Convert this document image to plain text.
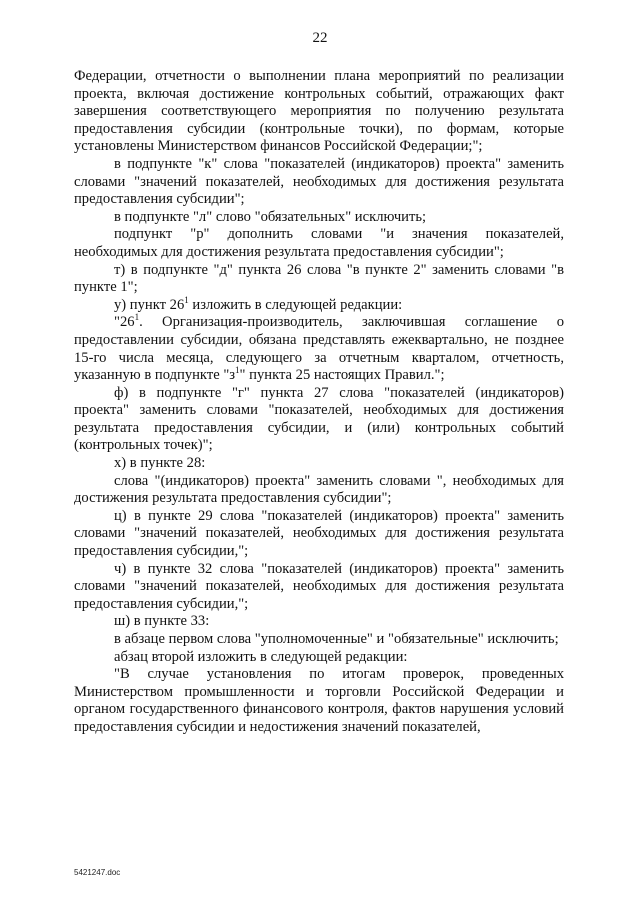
22

Федерации, отчетности о выполнении плана мероприятий по реализации проекта, включая достижение контрольных событий, отражающих факт завершения соответствующего мероприятия по получению результата предоставления субсидии (контрольные точки), по формам, которые установлены Министерством финансов Российской Федерации;";

в подпункте "к" слова "показателей (индикаторов) проекта" заменить словами "значений показателей, необходимых для достижения результата предоставления субсидии";

в подпункте "л" слово "обязательных" исключить;

подпункт "р" дополнить словами "и значения показателей, необходимых для достижения результата предоставления субсидии";

т) в подпункте "д" пункта 26 слова "в пункте 2" заменить словами "в пункте 1";

у) пункт $26^1$ изложить в следующей редакции:

"$26^1$. Организация-производитель, заключившая соглашение о предоставлении субсидии, обязана представлять ежеквартально, не позднее 15-го числа месяца, следующего за отчетным кварталом, отчетность, указанную в подпункте "$з^1$" пункта 25 настоящих Правил.";

ф) в подпункте "г" пункта 27 слова "показателей (индикаторов) проекта" заменить словами "показателей, необходимых для достижения результата предоставления субсидии, и (или) контрольных событий (контрольных точек)";

х) в пункте 28:

слова "(индикаторов) проекта" заменить словами ", необходимых для достижения результата предоставления субсидии";

ц) в пункте 29 слова "показателей (индикаторов) проекта" заменить словами "значений показателей, необходимых для достижения результата предоставления субсидии,";

ч) в пункте 32 слова "показателей (индикаторов) проекта" заменить словами "значений показателей, необходимых для достижения результата предоставления субсидии,";

ш) в пункте 33:

в абзаце первом слова "уполномоченные" и "обязательные" исключить;

абзац второй изложить в следующей редакции:

"В случае установления по итогам проверок, проведенных Министерством промышленности и торговли Российской Федерации и органом государственного финансового контроля, фактов нарушения условий предоставления субсидии и недостижения значений показателей,

5421247.doc
